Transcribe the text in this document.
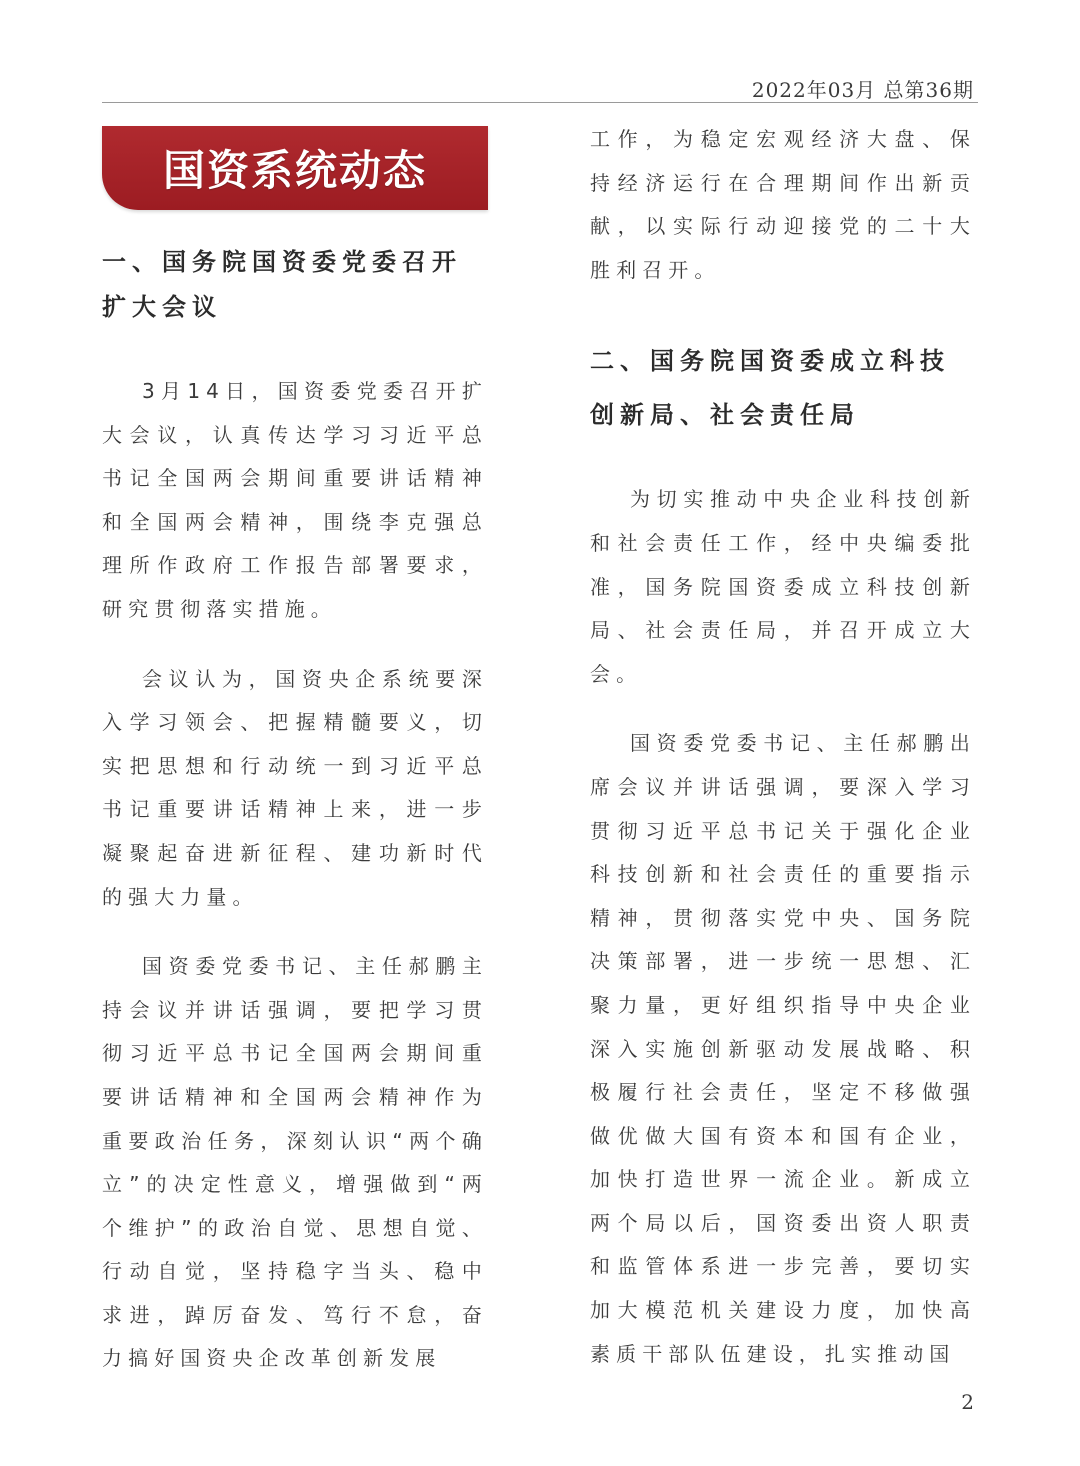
2022年03月 总第36期
国资系统动态
一、国务院国资委党委召开扩大会议

3月14日，国资委党委召开扩大会议，认真传达学习习近平总书记全国两会期间重要讲话精神和全国两会精神，围绕李克强总理所作政府工作报告部署要求，研究贯彻落实措施。

会议认为，国资央企系统要深入学习领会、把握精髓要义，切实把思想和行动统一到习近平总书记重要讲话精神上来，进一步凝聚起奋进新征程、建功新时代的强大力量。

国资委党委书记、主任郝鹏主持会议并讲话强调，要把学习贯彻习近平总书记全国两会期间重要讲话精神和全国两会精神作为重要政治任务，深刻认识“两个确立”的决定性意义，增强做到“两个维护”的政治自觉、思想自觉、行动自觉，坚持稳字当头、稳中求进，踔厉奋发、笃行不怠，奋力搞好国资央企改革创新发展

工作，为稳定宏观经济大盘、保持经济运行在合理期间作出新贡献，以实际行动迎接党的二十大胜利召开。

二、国务院国资委成立科技创新局、社会责任局

为切实推动中央企业科技创新和社会责任工作，经中央编委批准，国务院国资委成立科技创新局、社会责任局，并召开成立大会。

国资委党委书记、主任郝鹏出席会议并讲话强调，要深入学习贯彻习近平总书记关于强化企业科技创新和社会责任的重要指示精神，贯彻落实党中央、国务院决策部署，进一步统一思想、汇聚力量，更好组织指导中央企业深入实施创新驱动发展战略、积极履行社会责任，坚定不移做强做优做大国有资本和国有企业，加快打造世界一流企业。新成立两个局以后，国资委出资人职责和监管体系进一步完善，要切实加大模范机关建设力度，加快高素质干部队伍建设，扎实推动国

2
